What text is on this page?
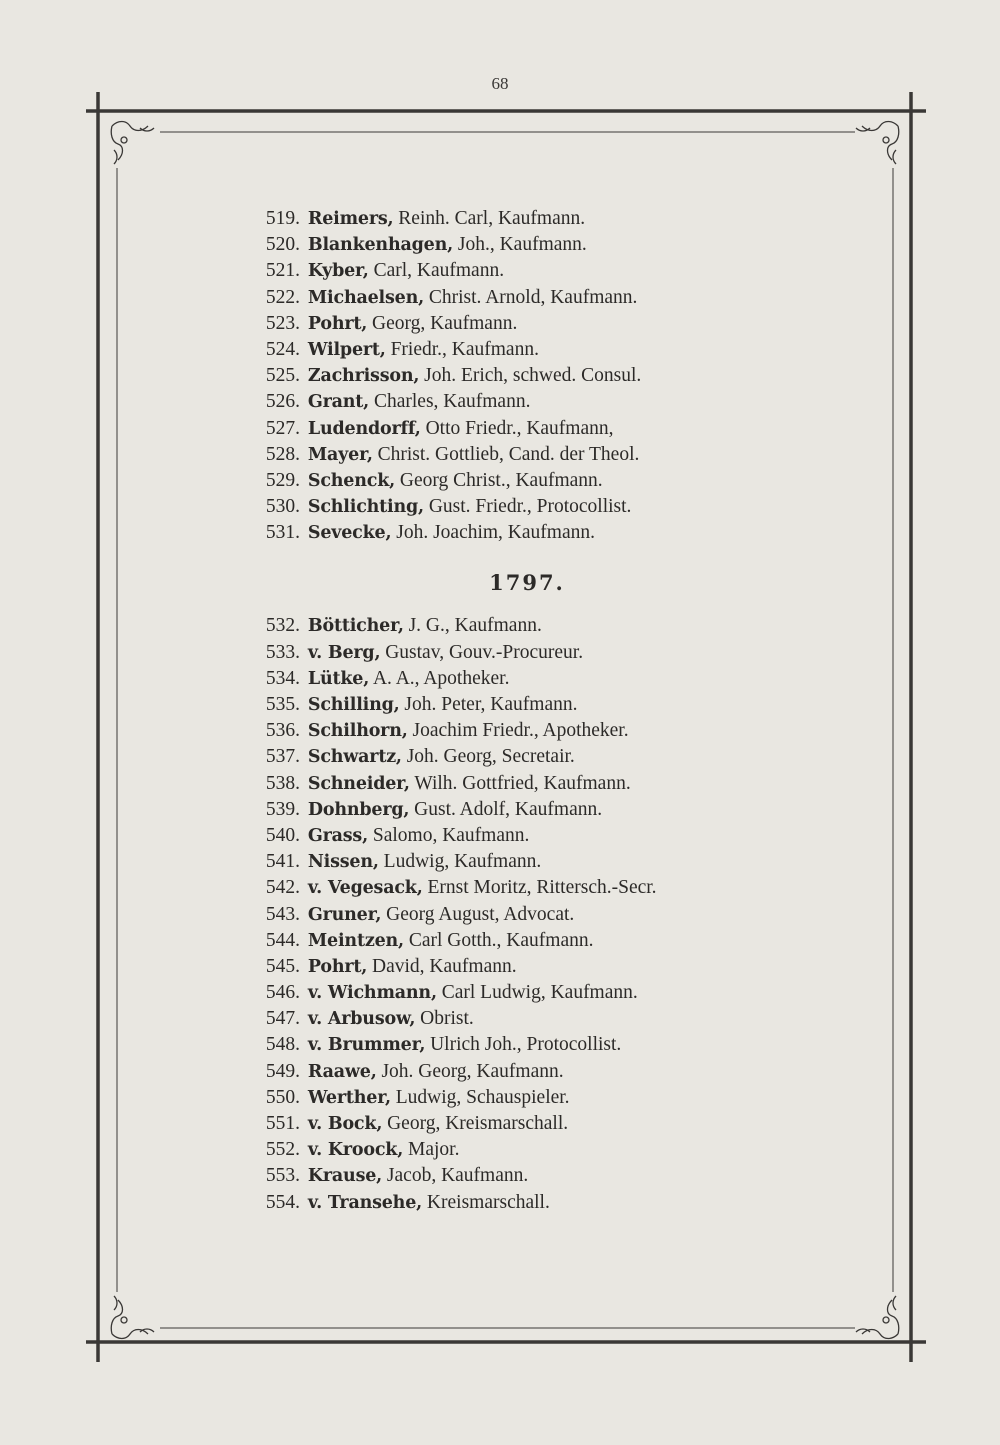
68
519. Reimers, Reinh. Carl, Kaufmann.
520. Blankenhagen, Joh., Kaufmann.
521. Kyber, Carl, Kaufmann.
522. Michaelsen, Christ. Arnold, Kaufmann.
523. Pohrt, Georg, Kaufmann.
524. Wilpert, Friedr., Kaufmann.
525. Zachrisson, Joh. Erich, schwed. Consul.
526. Grant, Charles, Kaufmann.
527. Ludendorff, Otto Friedr., Kaufmann,
528. Mayer, Christ. Gottlieb, Cand. der Theol.
529. Schenck, Georg Christ., Kaufmann.
530. Schlichting, Gust. Friedr., Protocollist.
531. Sevecke, Joh. Joachim, Kaufmann.
1797.
532. Bötticher, J. G., Kaufmann.
533. v. Berg, Gustav, Gouv.-Procureur.
534. Lütke, A. A., Apotheker.
535. Schilling, Joh. Peter, Kaufmann.
536. Schilhorn, Joachim Friedr., Apotheker.
537. Schwartz, Joh. Georg, Secretair.
538. Schneider, Wilh. Gottfried, Kaufmann.
539. Dohnberg, Gust. Adolf, Kaufmann.
540. Grass, Salomo, Kaufmann.
541. Nissen, Ludwig, Kaufmann.
542. v. Vegesack, Ernst Moritz, Rittersch.-Secr.
543. Gruner, Georg August, Advocat.
544. Meintzen, Carl Gotth., Kaufmann.
545. Pohrt, David, Kaufmann.
546. v. Wichmann, Carl Ludwig, Kaufmann.
547. v. Arbusow, Obrist.
548. v. Brummer, Ulrich Joh., Protocollist.
549. Raawe, Joh. Georg, Kaufmann.
550. Werther, Ludwig, Schauspieler.
551. v. Bock, Georg, Kreismarschall.
552. v. Kroock, Major.
553. Krause, Jacob, Kaufmann.
554. v. Transehe, Kreismarschall.
